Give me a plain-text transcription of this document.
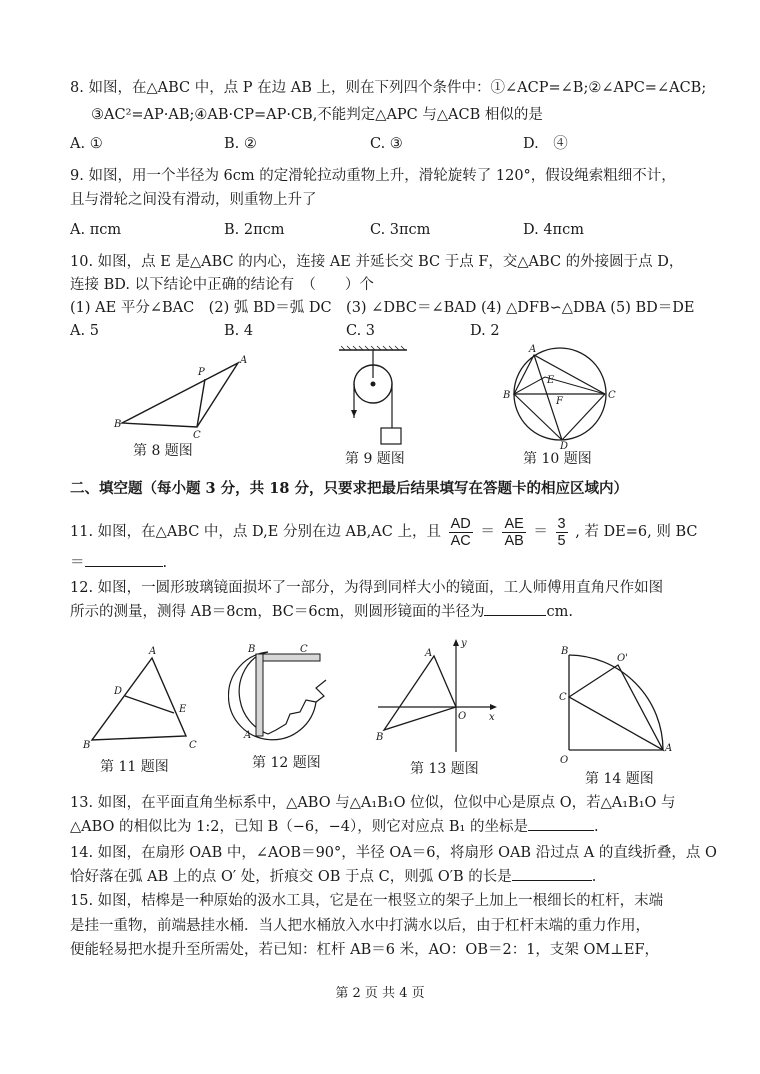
8. 如图，在△ABC 中，点 P 在边 AB 上，则在下列四个条件中：①∠ACP=∠B;②∠APC=∠ACB;
③AC²=AP·AB;④AB·CP=AP·CB,不能判定△APC 与△ACB 相似的是
A. ①	B. ②	C. ③	D.　④
9. 如图，用一个半径为 6cm 的定滑轮拉动重物上升，滑轮旋转了 120°，假设绳索粗细不计，
且与滑轮之间没有滑动，则重物上升了
A. πcm	B. 2πcm	C. 3πcm	D. 4πcm
10. 如图，点 E 是△ABC 的内心，连接 AE 并延长交 BC 于点 F，交△ABC 的外接圆于点 D，
连接 BD. 以下结论中正确的结论有　（　　）个
(1) AE 平分∠BAC　(2) 弧 BD＝弧 DC　(3) ∠DBC＝∠BAD (4) △DFB∽△DBA (5) BD＝DE
A. 5	B. 4	C. 3	D. 2
A
P
B
C
第 8 题图	第 9 题图
A
E
B	C
F
D
第 10 题图
二、填空题（每小题 3 分，共 18 分，只要求把最后结果填写在答题卡的相应区域内）
11. 如图，在△ABC 中，点 D,E 分别在边 AB,AC 上，且 $\frac{AD}{AC} = \frac{AE}{AB} = \frac{3}{5}$ , 若 DE=6, 则 BC
＝	.
12. 如图，一圆形玻璃镜面损坏了一部分，为得到同样大小的镜面，工人师傅用直角尺作如图
所示的测量，测得 AB＝8cm，BC＝6cm，则圆形镜面的半径为	cm.
A
D
E
B	C
第 11 题图
B	C
A
第 12 题图
y
A
O x
B
第 13 题图
B
O'
C
O
A
第 14 题图
13. 如图，在平面直角坐标系中，△ABO 与△A₁B₁O 位似，位似中心是原点 O，若△A₁B₁O 与
△ABO 的相似比为 1:2，已知 B（−6，−4），则它对应点 B₁ 的坐标是	.
14. 如图，在扇形 OAB 中，∠AOB＝90°，半径 OA＝6，将扇形 OAB 沿过点 A 的直线折叠，点 O
恰好落在弧 AB 上的点 O′ 处，折痕交 OB 于点 C，则弧 O′B 的长是	.
15. 如图，桔槔是一种原始的汲水工具，它是在一根竖立的架子上加上一根细长的杠杆，末端
是挂一重物，前端悬挂水桶．当人把水桶放入水中打满水以后，由于杠杆末端的重力作用，
便能轻易把水提升至所需处，若已知：杠杆 AB＝6 米，AO：OB＝2：1，支架 OM⊥EF，
第 2 页 共 4 页
